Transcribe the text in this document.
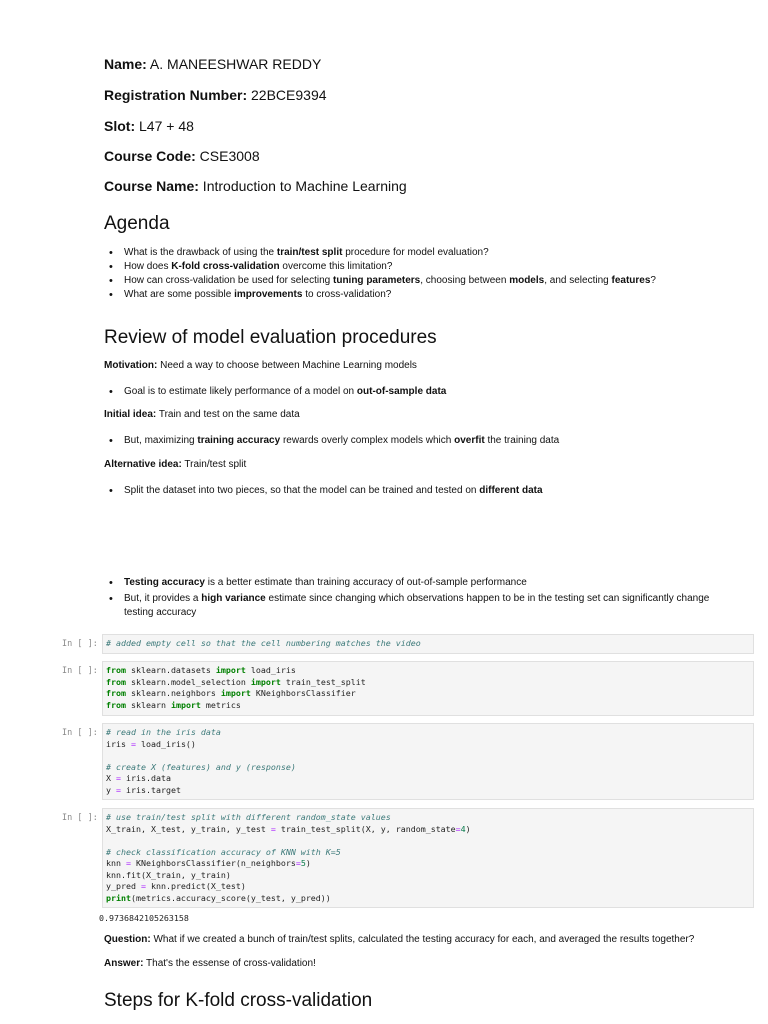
Name: A. MANEESHWAR REDDY
Registration Number: 22BCE9394
Slot: L47 + 48
Course Code: CSE3008
Course Name: Introduction to Machine Learning
Agenda
• What is the drawback of using the train/test split procedure for model evaluation?
• How does K-fold cross-validation overcome this limitation?
• How can cross-validation be used for selecting tuning parameters, choosing between models, and selecting features?
• What are some possible improvements to cross-validation?
Review of model evaluation procedures
Motivation: Need a way to choose between Machine Learning models
• Goal is to estimate likely performance of a model on out-of-sample data
Initial idea: Train and test on the same data
• But, maximizing training accuracy rewards overly complex models which overfit the training data
Alternative idea: Train/test split
• Split the dataset into two pieces, so that the model can be trained and tested on different data
• Testing accuracy is a better estimate than training accuracy of out-of-sample performance
• But, it provides a high variance estimate since changing which observations happen to be in the testing set can significantly change testing accuracy
In [ ]: # added empty cell so that the cell numbering matches the video
In [ ]: from sklearn.datasets import load_iris
from sklearn.model_selection import train_test_split
from sklearn.neighbors import KNeighborsClassifier
from sklearn import metrics
In [ ]: # read in the iris data
iris = load_iris()

# create X (features) and y (response)
X = iris.data
y = iris.target
In [ ]: # use train/test split with different random_state values
X_train, X_test, y_train, y_test = train_test_split(X, y, random_state=4)

# check classification accuracy of KNN with K=5
knn = KNeighborsClassifier(n_neighbors=5)
knn.fit(X_train, y_train)
y_pred = knn.predict(X_test)
print(metrics.accuracy_score(y_test, y_pred))
0.9736842105263158
Question: What if we created a bunch of train/test splits, calculated the testing accuracy for each, and averaged the results together?
Answer: That's the essense of cross-validation!
Steps for K-fold cross-validation
